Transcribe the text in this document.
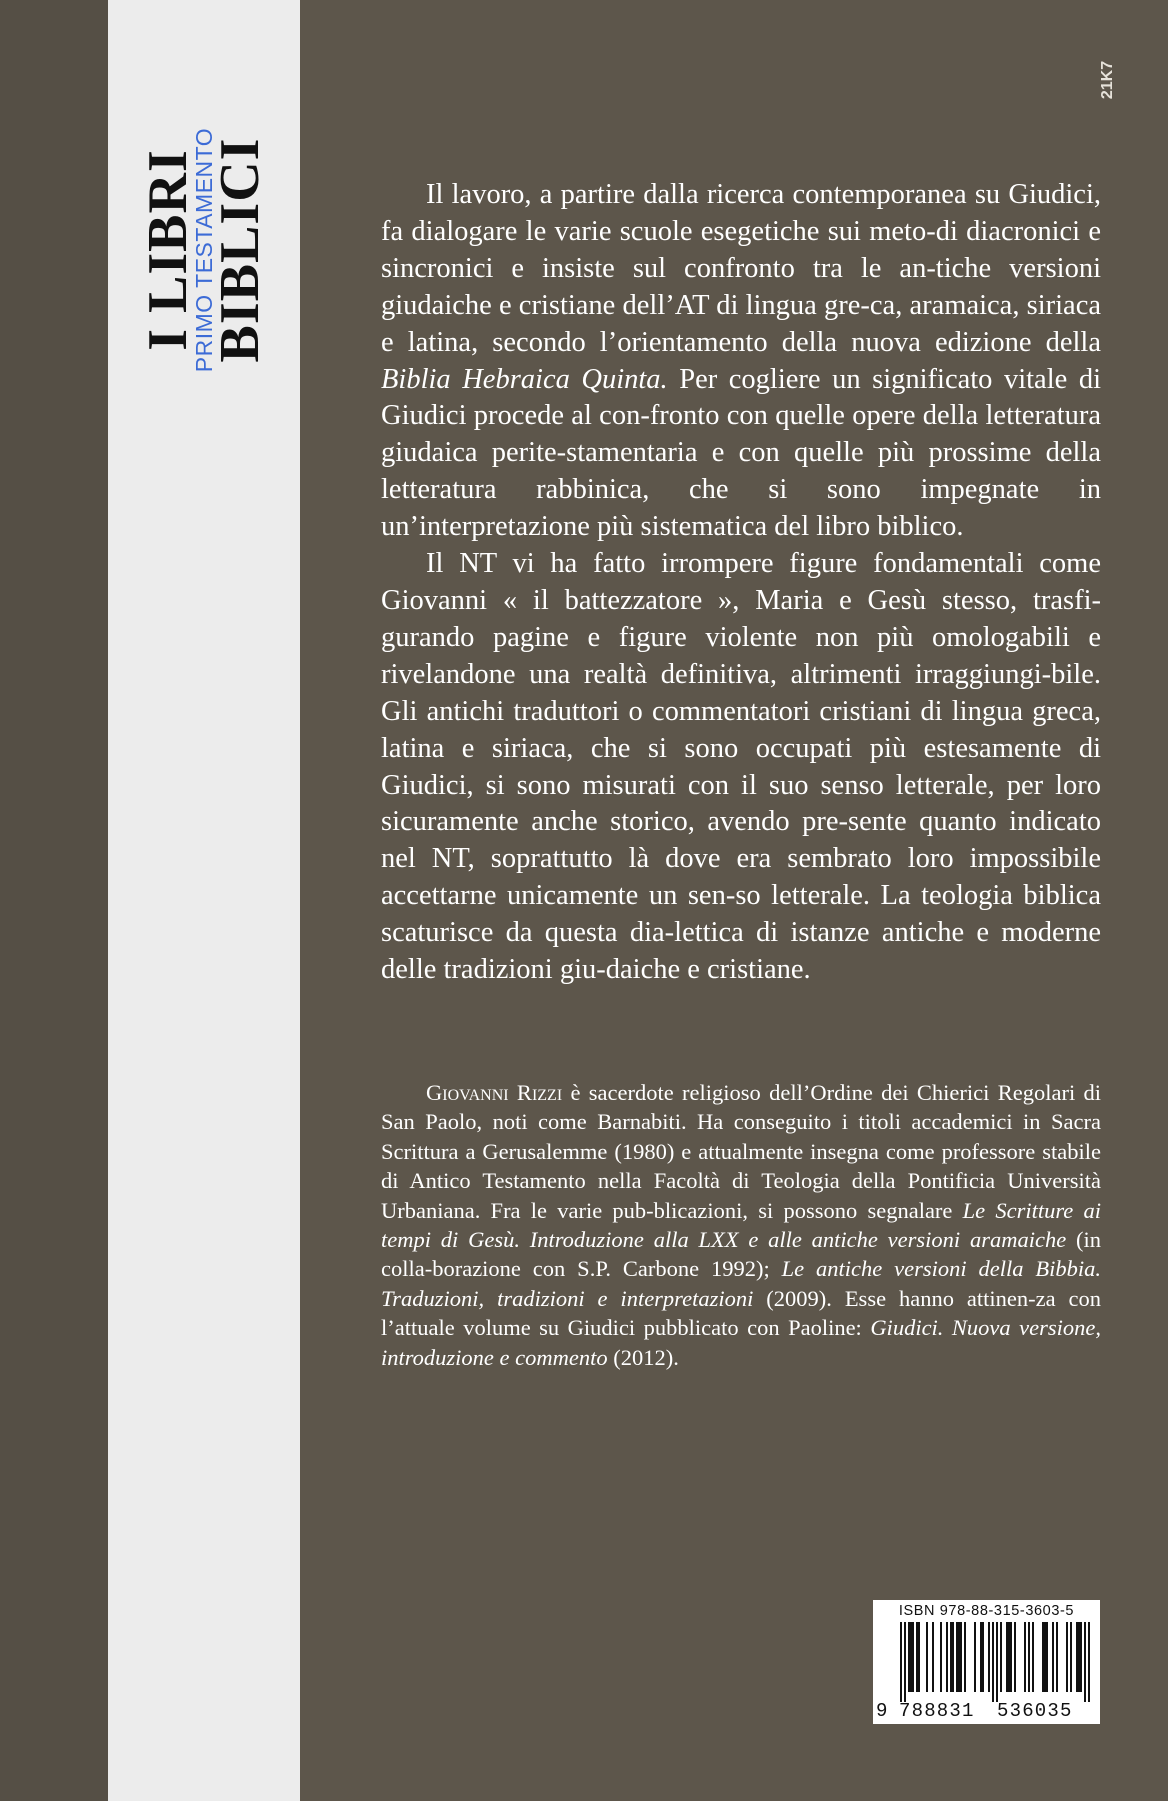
I LIBRI
PRIMO TESTAMENTO
BIBLICI
21K7

Il lavoro, a partire dalla ricerca contemporanea su Giudici, fa dialogare le varie scuole esegetiche sui meto-di diacronici e sincronici e insiste sul confronto tra le an-tiche versioni giudaiche e cristiane dell’AT di lingua gre-ca, aramaica, siriaca e latina, secondo l’orientamento della nuova edizione della Biblia Hebraica Quinta. Per cogliere un significato vitale di Giudici procede al con-fronto con quelle opere della letteratura giudaica perite-stamentaria e con quelle più prossime della letteratura rabbinica, che si sono impegnate in un’interpretazione più sistematica del libro biblico.

Il NT vi ha fatto irrompere figure fondamentali come Giovanni « il battezzatore », Maria e Gesù stesso, trasfi-gurando pagine e figure violente non più omologabili e rivelandone una realtà definitiva, altrimenti irraggiungi-bile. Gli antichi traduttori o commentatori cristiani di lingua greca, latina e siriaca, che si sono occupati più estesamente di Giudici, si sono misurati con il suo senso letterale, per loro sicuramente anche storico, avendo pre-sente quanto indicato nel NT, soprattutto là dove era sembrato loro impossibile accettarne unicamente un sen-so letterale. La teologia biblica scaturisce da questa dia-lettica di istanze antiche e moderne delle tradizioni giu-daiche e cristiane.

Giovanni Rizzi è sacerdote religioso dell’Ordine dei Chierici Regolari di San Paolo, noti come Barnabiti. Ha conseguito i titoli accademici in Sacra Scrittura a Gerusalemme (1980) e attualmente insegna come professore stabile di Antico Testamento nella Facoltà di Teologia della Pontificia Università Urbaniana. Fra le varie pub-blicazioni, si possono segnalare Le Scritture ai tempi di Gesù. Introduzione alla LXX e alle antiche versioni aramaiche (in colla-borazione con S.P. Carbone 1992); Le antiche versioni della Bibbia. Traduzioni, tradizioni e interpretazioni (2009). Esse hanno attinen-za con l’attuale volume su Giudici pubblicato con Paoline: Giudici. Nuova versione, introduzione e commento (2012).

ISBN 978-88-315-3603-5
9 788831 536035
